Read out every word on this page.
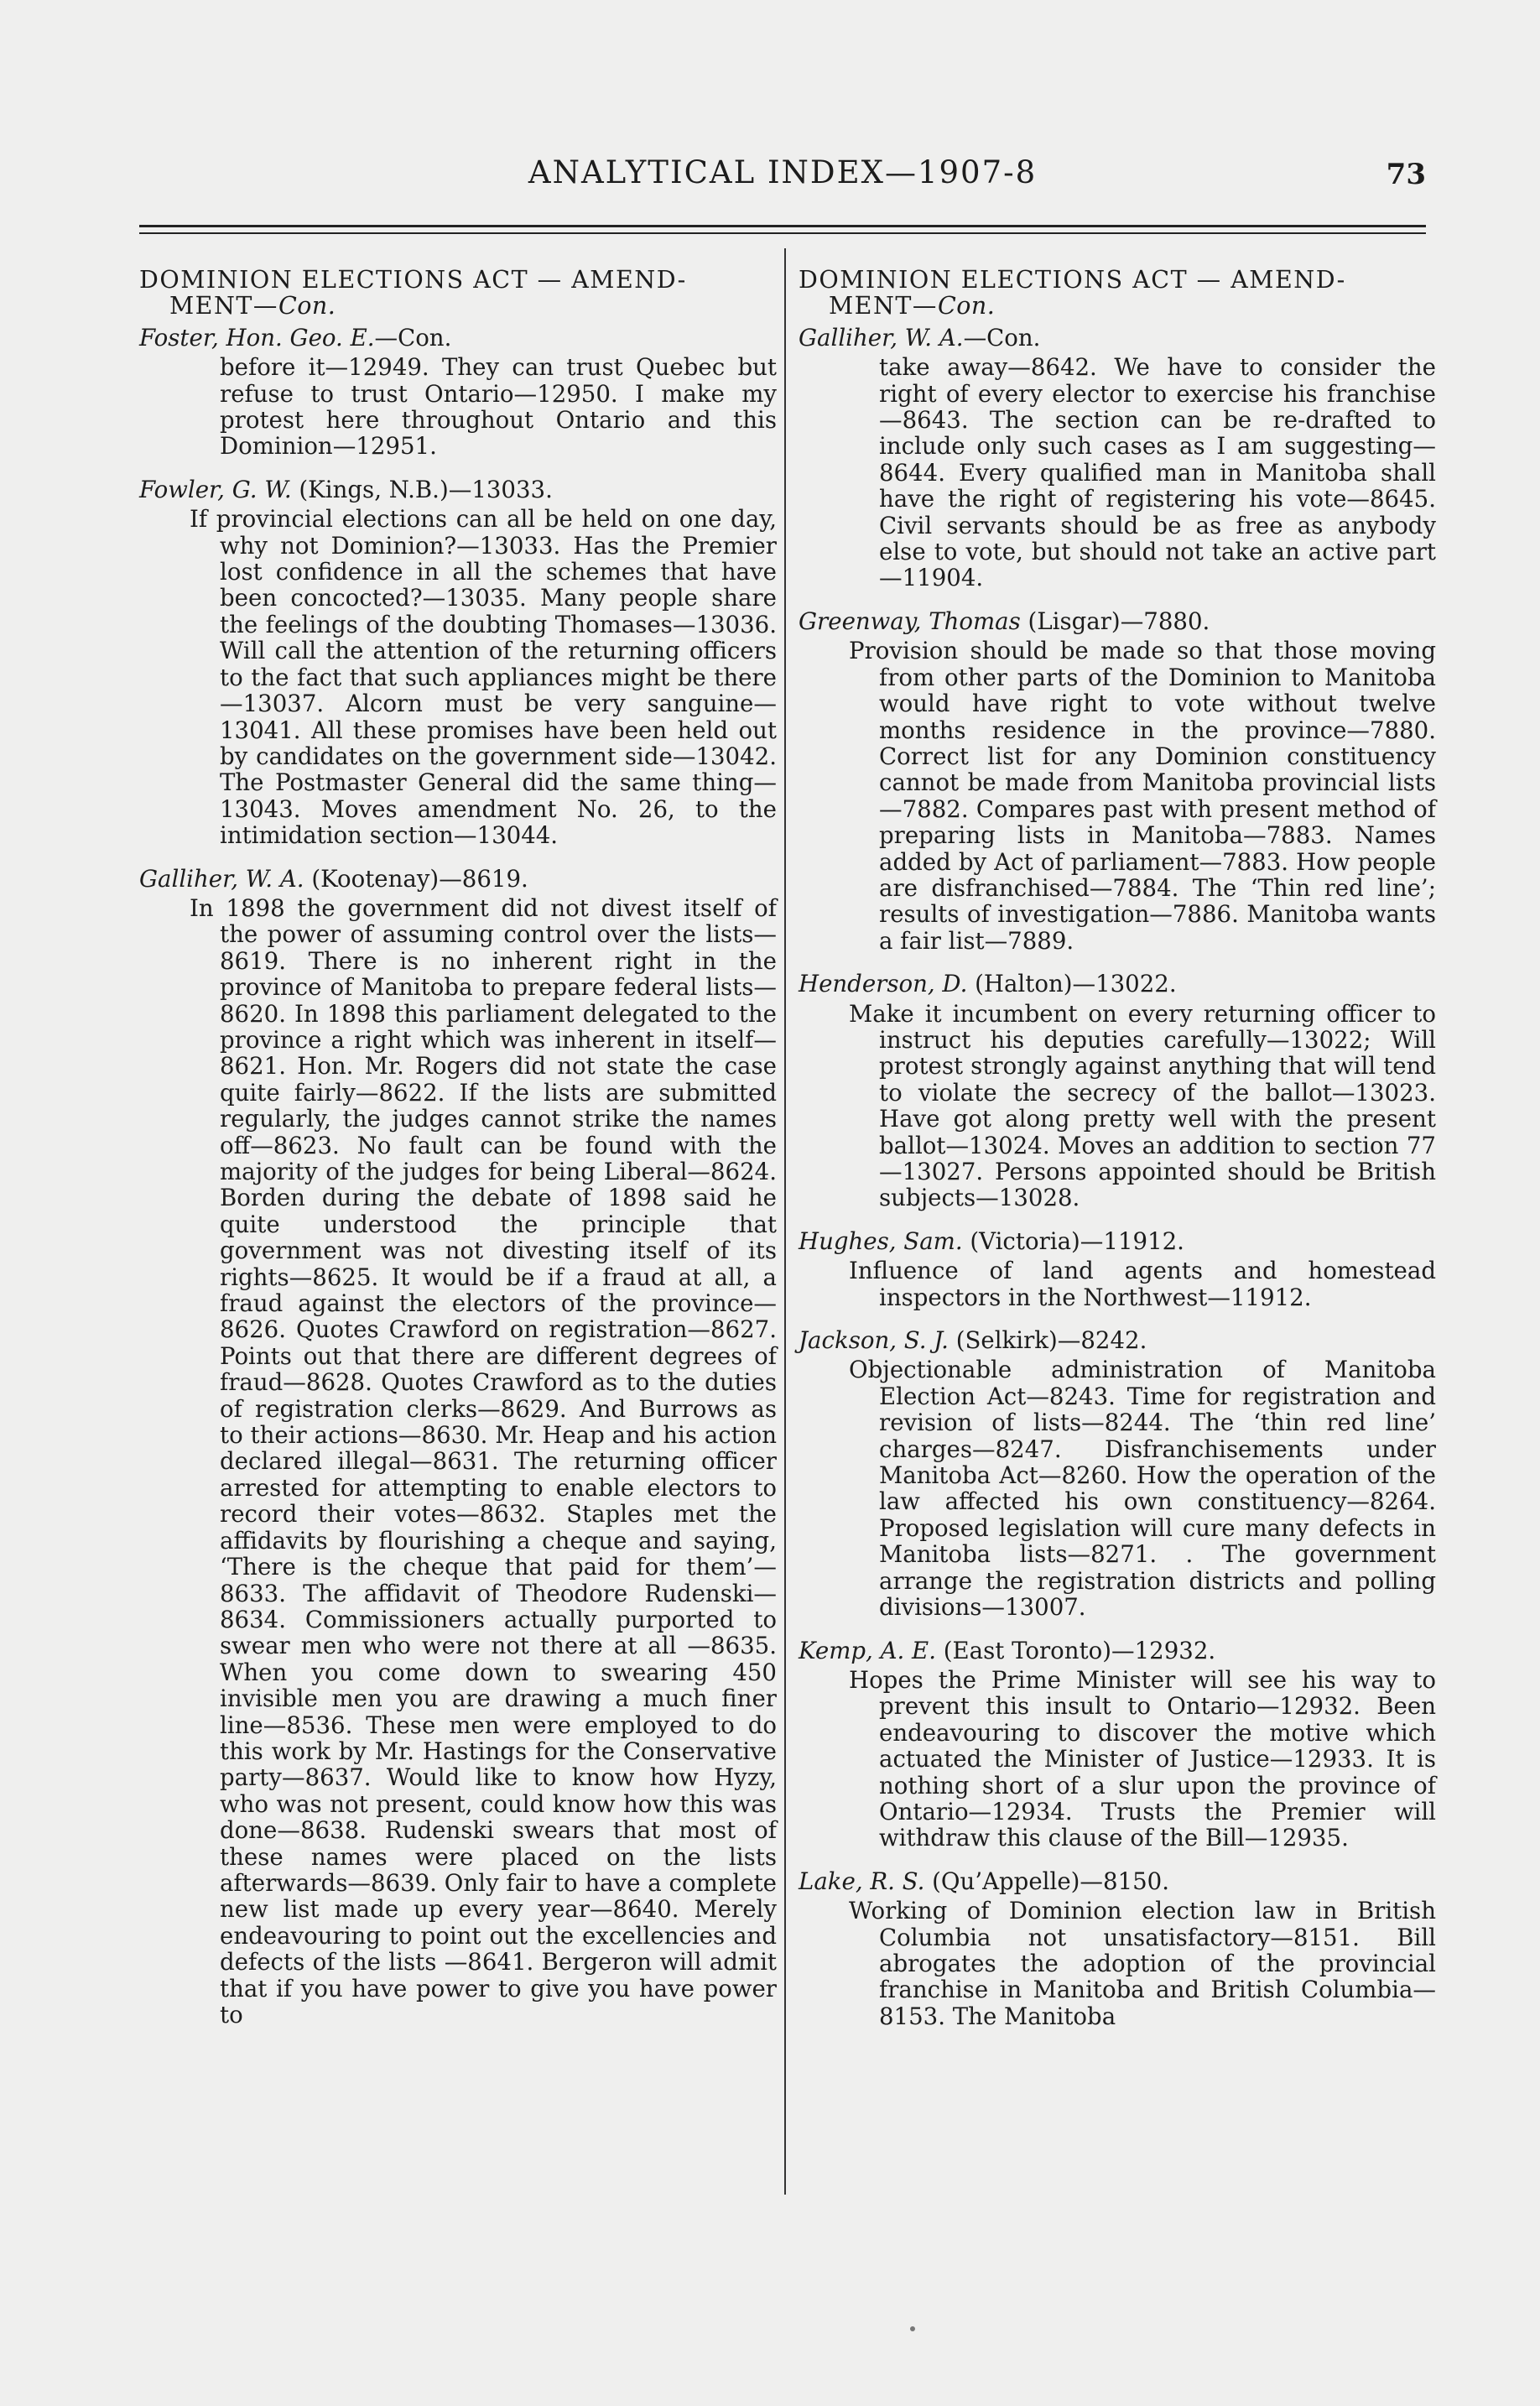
ANALYTICAL INDEX—1907-8	73

DOMINION ELECTIONS ACT — AMEND-
MENT—Con.

Foster, Hon. Geo. E.—Con.

before it—12949. They can trust Quebec but refuse to trust Ontario—12950. I make my protest here throughout Ontario and this Dominion—12951.

Fowler, G. W. (Kings, N.B.)—13033.

If provincial elections can all be held on one day, why not Dominion?—13033. Has the Premier lost confidence in all the schemes that have been concocted?—13035. Many people share the feelings of the doubting Thomases—13036. Will call the attention of the returning officers to the fact that such appliances might be there—13037. Alcorn must be very sanguine—13041. All these promises have been held out by candidates on the government side—13042. The Postmaster General did the same thing—13043. Moves amendment No. 26, to the intimidation section—13044.

Galliher, W. A. (Kootenay)—8619.

In 1898 the government did not divest itself of the power of assuming control over the lists—8619. There is no inherent right in the province of Manitoba to prepare federal lists—8620. In 1898 this parliament delegated to the province a right which was inherent in itself—8621. Hon. Mr. Rogers did not state the case quite fairly—8622. If the lists are submitted regularly, the judges cannot strike the names off—8623. No fault can be found with the majority of the judges for being Liberal—8624. Borden during the debate of 1898 said he quite understood the principle that government was not divesting itself of its rights—8625. It would be if a fraud at all, a fraud against the electors of the province—8626. Quotes Crawford on registration—8627. Points out that there are different degrees of fraud—8628. Quotes Crawford as to the duties of registration clerks—8629. And Burrows as to their actions—8630. Mr. Heap and his action declared illegal—8631. The returning officer arrested for attempting to enable electors to record their votes—8632. Staples met the affidavits by flourishing a cheque and saying, ‘There is the cheque that paid for them’—8633. The affidavit of Theodore Rudenski—8634. Commissioners actually purported to swear men who were not there at all —8635. When you come down to swearing 450 invisible men you are drawing a much finer line—8536. These men were employed to do this work by Mr. Hastings for the Conservative party—8637. Would like to know how Hyzy, who was not present, could know how this was done—8638. Rudenski swears that most of these names were placed on the lists afterwards—8639. Only fair to have a complete new list made up every year—8640. Merely endeavouring to point out the excellencies and defects of the lists —8641. Bergeron will admit that if you have power to give you have power to

DOMINION ELECTIONS ACT — AMEND-
MENT—Con.

Galliher, W. A.—Con.

take away—8642. We have to consider the right of every elector to exercise his franchise—8643. The section can be re-drafted to include only such cases as I am suggesting—8644. Every qualified man in Manitoba shall have the right of registering his vote—8645. Civil servants should be as free as anybody else to vote, but should not take an active part—11904.

Greenway, Thomas (Lisgar)—7880.

Provision should be made so that those moving from other parts of the Dominion to Manitoba would have right to vote without twelve months residence in the province—7880. Correct list for any Dominion constituency cannot be made from Manitoba provincial lists—7882. Compares past with present method of preparing lists in Manitoba—7883. Names added by Act of parliament—7883. How people are disfranchised—7884. The ‘Thin red line’; results of investigation—7886. Manitoba wants a fair list—7889.

Henderson, D. (Halton)—13022.

Make it incumbent on every returning officer to instruct his deputies carefully—13022; Will protest strongly against anything that will tend to violate the secrecy of the ballot—13023. Have got along pretty well with the present ballot—13024. Moves an addition to section 77 —13027. Persons appointed should be British subjects—13028.

Hughes, Sam. (Victoria)—11912.

Influence of land agents and homestead inspectors in the Northwest—11912.

Jackson, S. J. (Selkirk)—8242.

Objectionable administration of Manitoba Election Act—8243. Time for registration and revision of lists—8244. The ‘thin red line’ charges—8247. Disfranchisements under Manitoba Act—8260. How the operation of the law affected his own constituency—8264. Proposed legislation will cure many defects in Manitoba lists—8271. . The government arrange the registration districts and polling divisions—13007.

Kemp, A. E. (East Toronto)—12932.

Hopes the Prime Minister will see his way to prevent this insult to Ontario—12932. Been endeavouring to discover the motive which actuated the Minister of Justice—12933. It is nothing short of a slur upon the province of Ontario—12934. Trusts the Premier will withdraw this clause of the Bill—12935.

Lake, R. S. (Qu’Appelle)—8150.

Working of Dominion election law in British Columbia not unsatisfactory—8151. Bill abrogates the adoption of the provincial franchise in Manitoba and British Columbia—8153. The Manitoba
